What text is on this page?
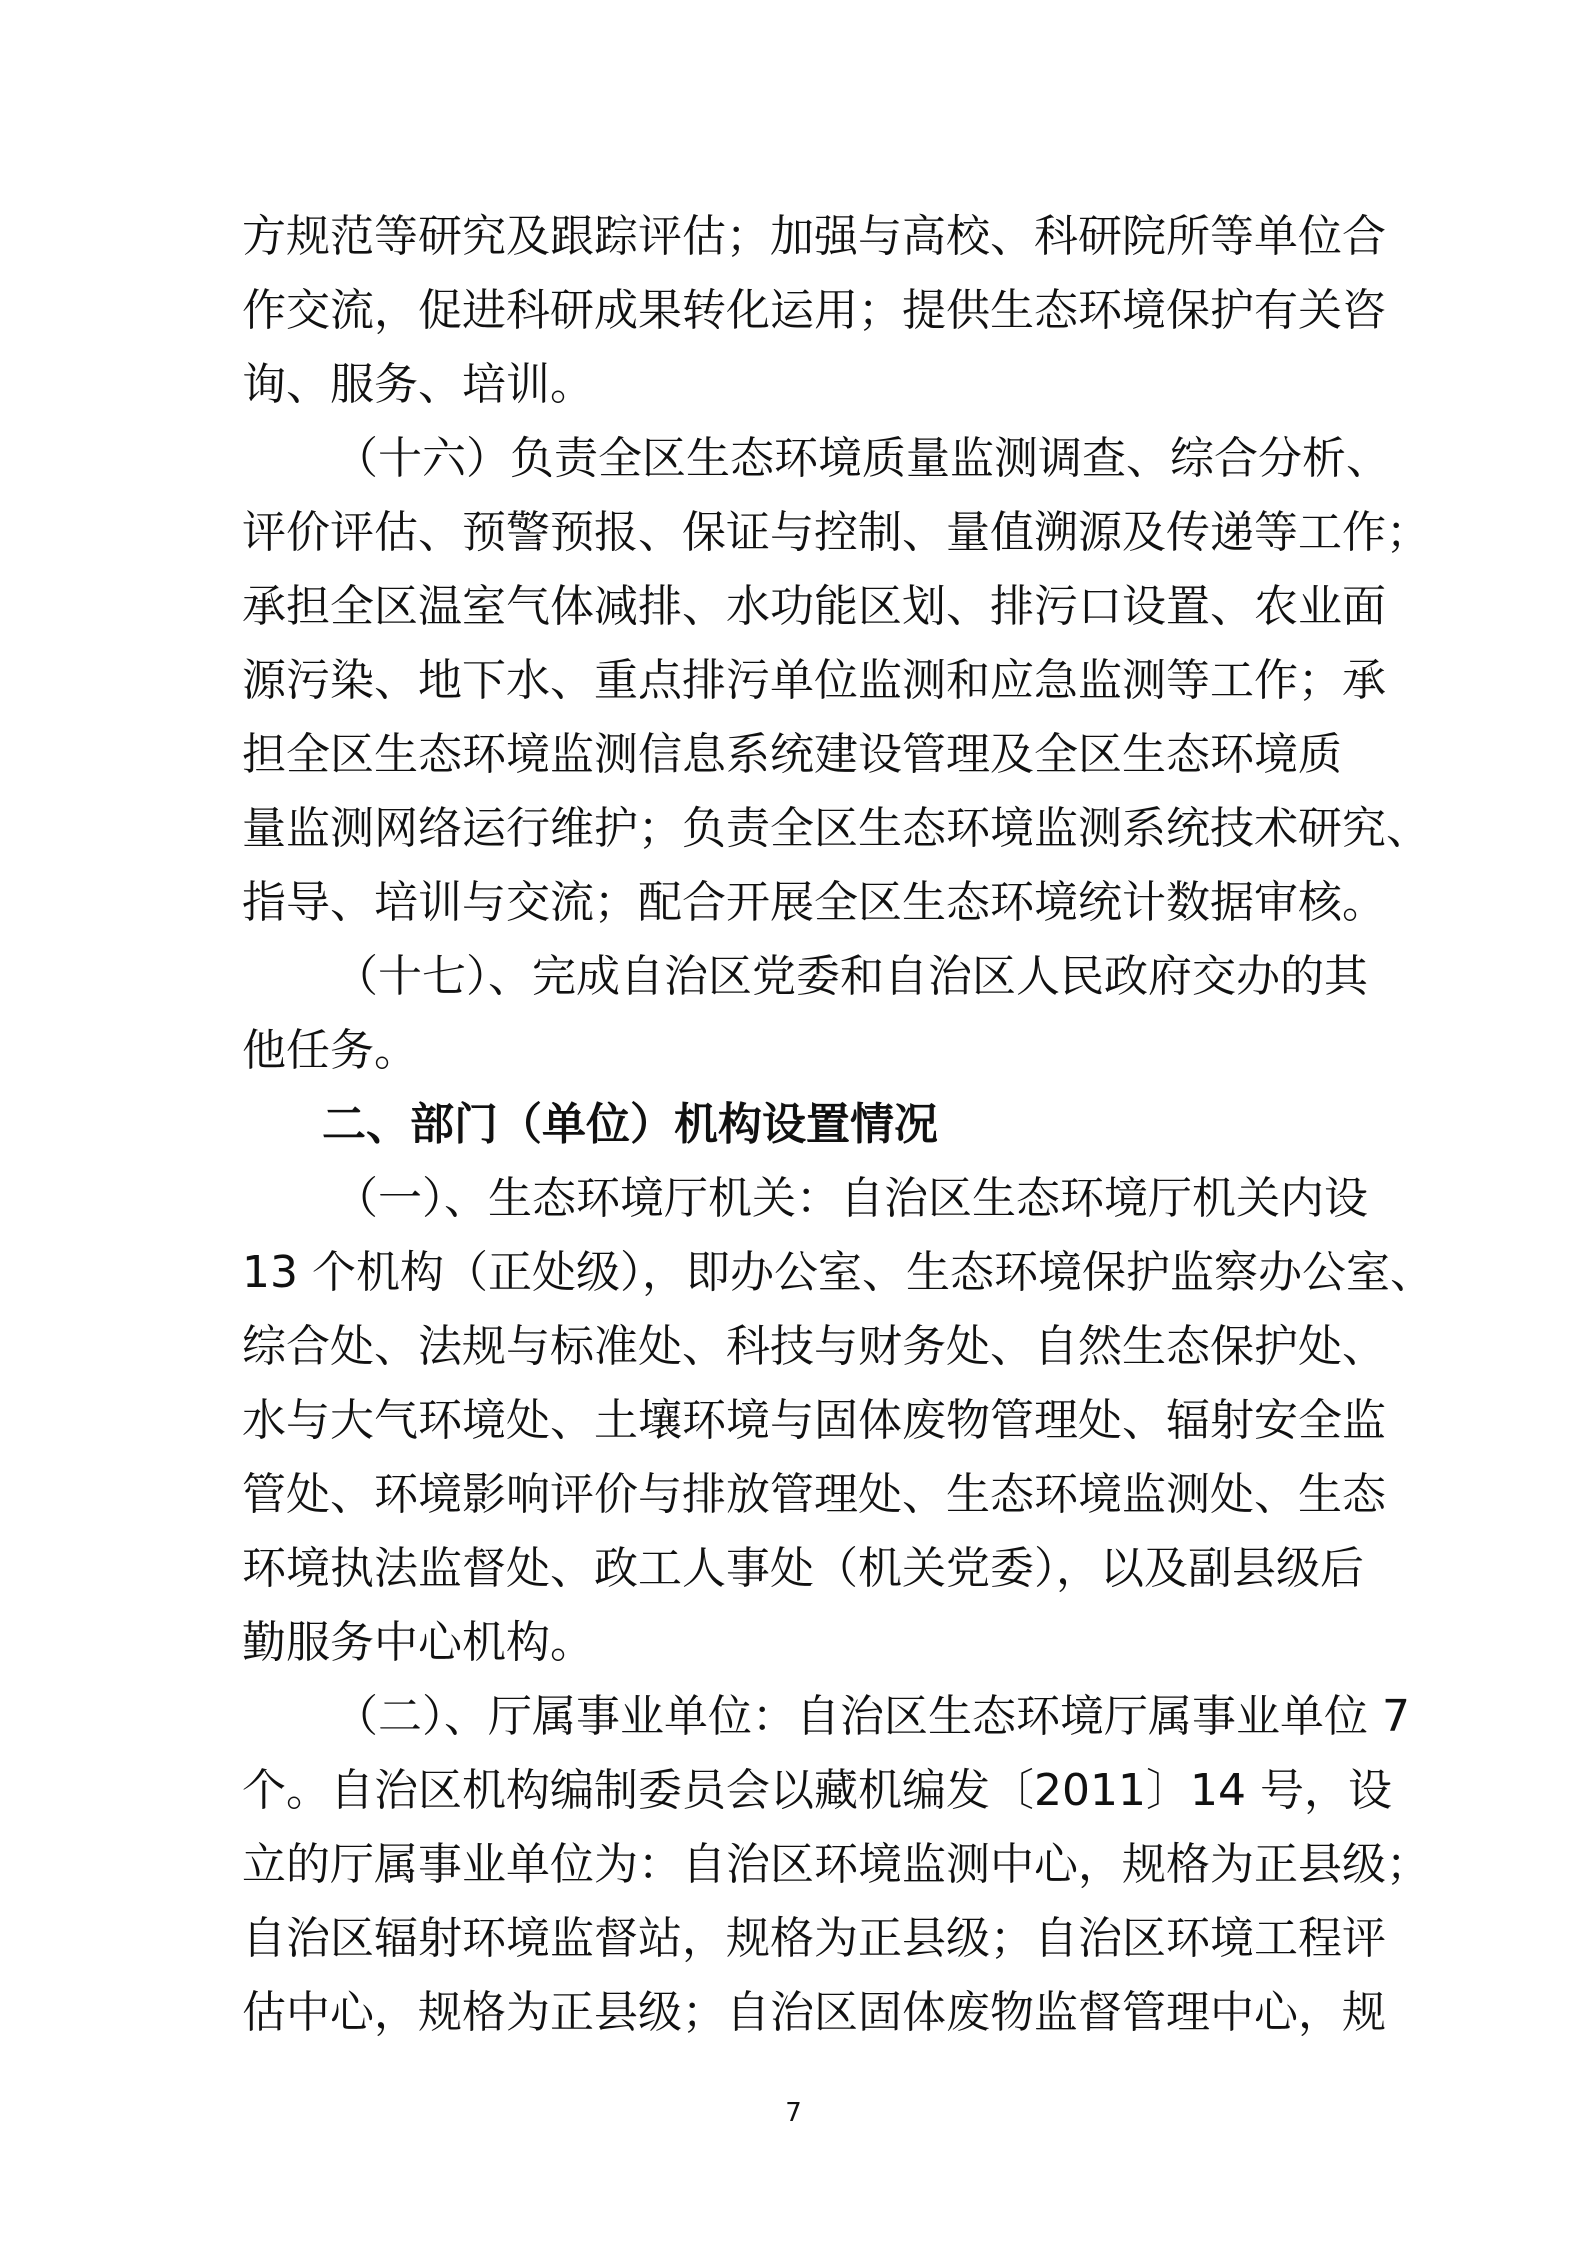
方规范等研究及跟踪评估；加强与高校、科研院所等单位合
作交流，促进科研成果转化运用；提供生态环境保护有关咨
询、服务、培训。
（十六）负责全区生态环境质量监测调查、综合分析、
评价评估、预警预报、保证与控制、量值溯源及传递等工作；
承担全区温室气体减排、水功能区划、排污口设置、农业面
源污染、地下水、重点排污单位监测和应急监测等工作；承
担全区生态环境监测信息系统建设管理及全区生态环境质
量监测网络运行维护；负责全区生态环境监测系统技术研究、
指导、培训与交流；配合开展全区生态环境统计数据审核。
（十七）、完成自治区党委和自治区人民政府交办的其
他任务。
二、部门（单位）机构设置情况
（一）、生态环境厅机关：自治区生态环境厅机关内设
13 个机构（正处级），即办公室、生态环境保护监察办公室、
综合处、法规与标准处、科技与财务处、自然生态保护处、
水与大气环境处、土壤环境与固体废物管理处、辐射安全监
管处、环境影响评价与排放管理处、生态环境监测处、生态
环境执法监督处、政工人事处（机关党委），以及副县级后
勤服务中心机构。
（二）、厅属事业单位：自治区生态环境厅属事业单位 7
个。自治区机构编制委员会以藏机编发〔2011〕14 号，设
立的厅属事业单位为：自治区环境监测中心，规格为正县级；
自治区辐射环境监督站，规格为正县级；自治区环境工程评
估中心，规格为正县级；自治区固体废物监督管理中心，规
7
